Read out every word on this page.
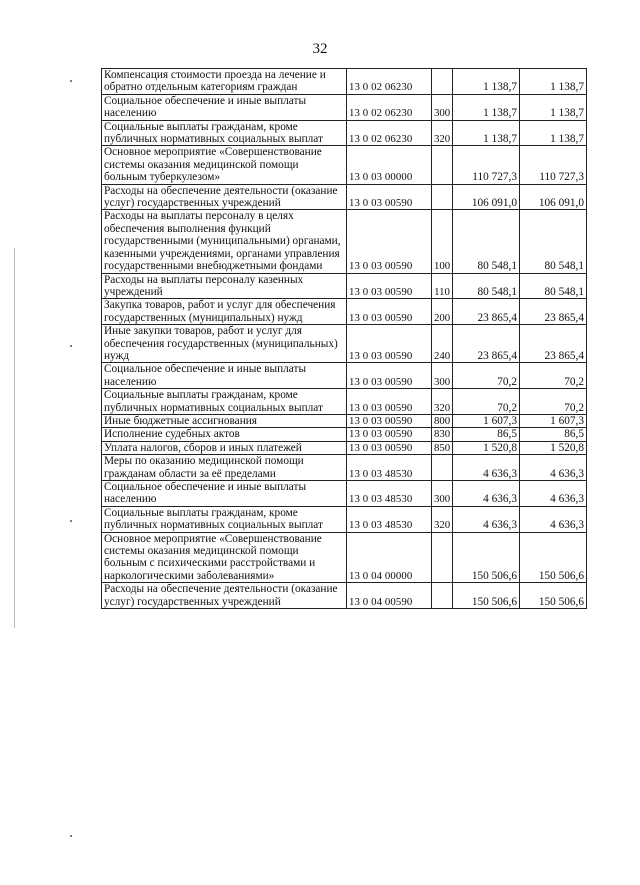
32
Компенсация стоимости проезда на лечение и обратно отдельным категориям граждан	13 0 02 06230		1 138,7	1 138,7
Социальное обеспечение и иные выплаты населению	13 0 02 06230	300	1 138,7	1 138,7
Социальные выплаты гражданам, кроме публичных нормативных социальных выплат	13 0 02 06230	320	1 138,7	1 138,7
Основное мероприятие «Совершенствование системы оказания медицинской помощи больным туберкулезом»	13 0 03 00000		110 727,3	110 727,3
Расходы на обеспечение деятельности (оказание услуг) государственных учреждений	13 0 03 00590		106 091,0	106 091,0
Расходы на выплаты персоналу в целях обеспечения выполнения функций государственными (муниципальными) органами, казенными учреждениями, органами управления государственными внебюджетными фондами	13 0 03 00590	100	80 548,1	80 548,1
Расходы на выплаты персоналу казенных учреждений	13 0 03 00590	110	80 548,1	80 548,1
Закупка товаров, работ и услуг для обеспечения государственных (муниципальных) нужд	13 0 03 00590	200	23 865,4	23 865,4
Иные закупки товаров, работ и услуг для обеспечения государственных (муниципальных) нужд	13 0 03 00590	240	23 865,4	23 865,4
Социальное обеспечение и иные выплаты населению	13 0 03 00590	300	70,2	70,2
Социальные выплаты гражданам, кроме публичных нормативных социальных выплат	13 0 03 00590	320	70,2	70,2
Иные бюджетные ассигнования	13 0 03 00590	800	1 607,3	1 607,3
Исполнение судебных актов	13 0 03 00590	830	86,5	86,5
Уплата налогов, сборов и иных платежей	13 0 03 00590	850	1 520,8	1 520,8
Меры по оказанию медицинской помощи гражданам области за её пределами	13 0 03 48530		4 636,3	4 636,3
Социальное обеспечение и иные выплаты населению	13 0 03 48530	300	4 636,3	4 636,3
Социальные выплаты гражданам, кроме публичных нормативных социальных выплат	13 0 03 48530	320	4 636,3	4 636,3
Основное мероприятие «Совершенствование системы оказания медицинской помощи больным с психическими расстройствами и наркологическими заболеваниями»	13 0 04 00000		150 506,6	150 506,6
Расходы на обеспечение деятельности (оказание услуг) государственных учреждений	13 0 04 00590		150 506,6	150 506,6
